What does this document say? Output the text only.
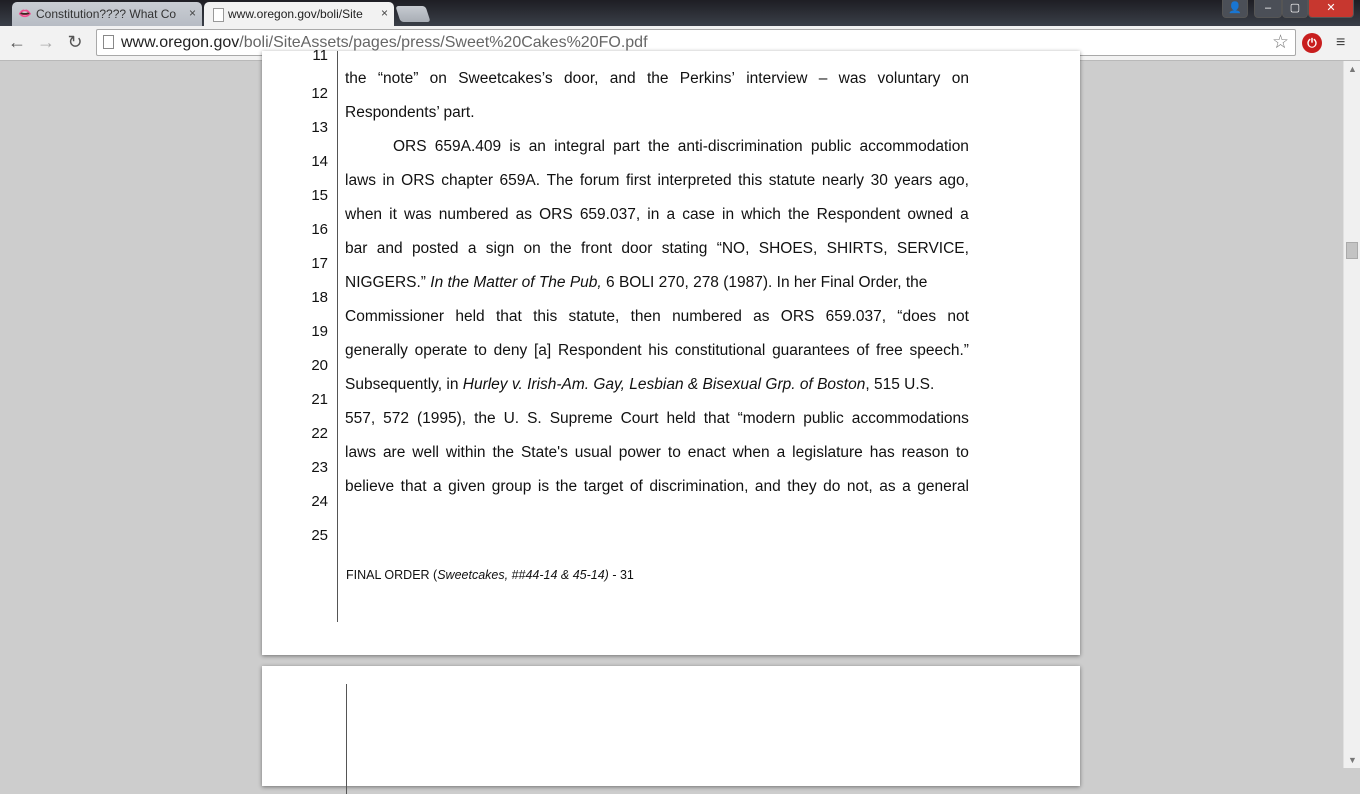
👄 Constitution???? What Co	×	www.oregon.gov/boli/Site	×	👤	–	▢	✕
← → ↻ www.oregon.gov/boli/SiteAssets/pages/press/Sweet%20Cakes%20FO.pdf	☆	⏻	≡
11
12
the “note” on Sweetcakes’s door, and the Perkins’ interview – was voluntary on
13
Respondents’ part.
14
ORS 659A.409 is an integral part the anti-discrimination public accommodation
15
laws in ORS chapter 659A. The forum first interpreted this statute nearly 30 years ago,
16
when it was numbered as ORS 659.037, in a case in which the Respondent owned a
17
bar and posted a sign on the front door stating “NO, SHOES, SHIRTS, SERVICE,
18
NIGGERS.” In the Matter of The Pub, 6 BOLI 270, 278 (1987). In her Final Order, the
19
Commissioner held that this statute, then numbered as ORS 659.037, “does not
20
generally operate to deny [a] Respondent his constitutional guarantees of free speech.”
21
Subsequently, in Hurley v. Irish-Am. Gay, Lesbian & Bisexual Grp. of Boston, 515 U.S.
22
557, 572 (1995), the U. S. Supreme Court held that “modern public accommodations
23
laws are well within the State's usual power to enact when a legislature has reason to
24
believe that a given group is the target of discrimination, and they do not, as a general
25
FINAL ORDER (Sweetcakes, ##44-14 & 45-14) - 31
▲
▼
